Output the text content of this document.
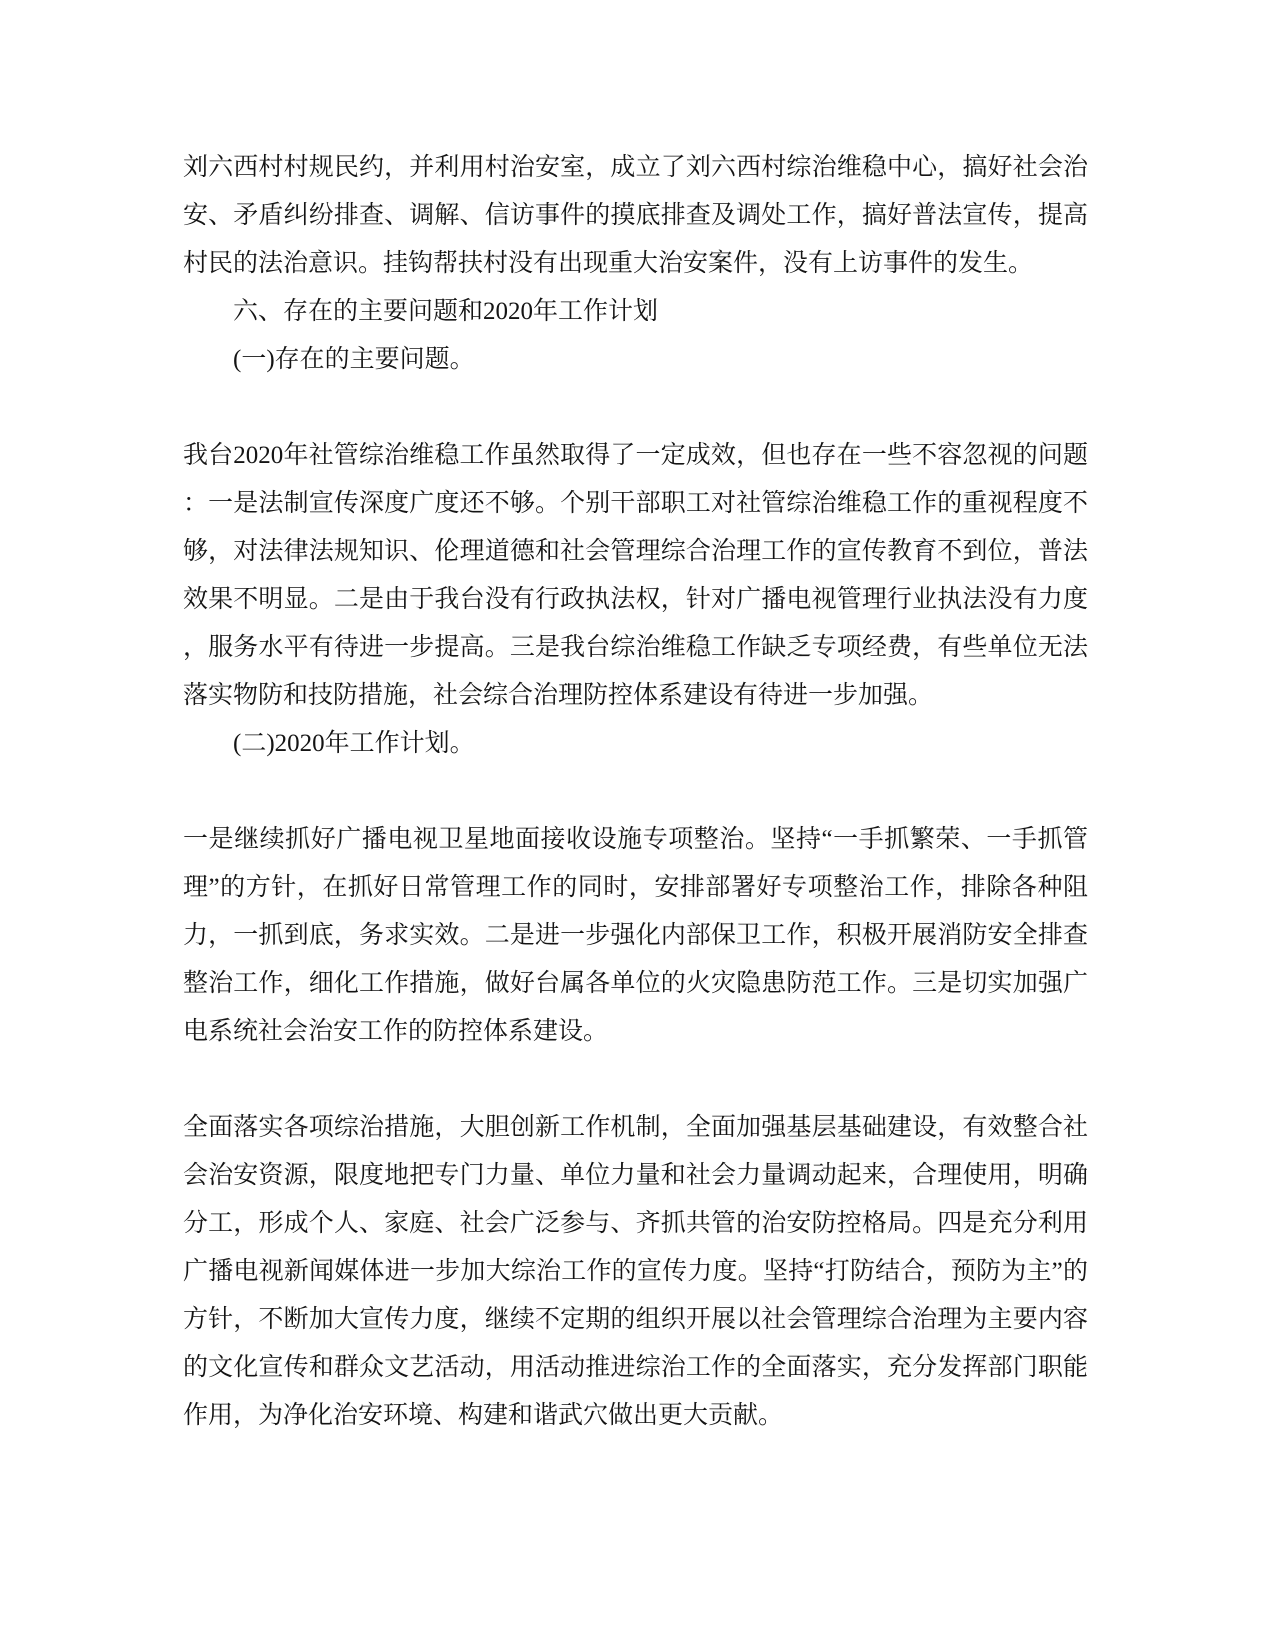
刘六西村村规民约，并利用村治安室，成立了刘六西村综治维稳中心，搞好社会治安、矛盾纠纷排查、调解、信访事件的摸底排查及调处工作，搞好普法宣传，提高村民的法治意识。挂钩帮扶村没有出现重大治安案件，没有上访事件的发生。

六、存在的主要问题和2020年工作计划

(一)存在的主要问题。

我台2020年社管综治维稳工作虽然取得了一定成效，但也存在一些不容忽视的问题：一是法制宣传深度广度还不够。个别干部职工对社管综治维稳工作的重视程度不够，对法律法规知识、伦理道德和社会管理综合治理工作的宣传教育不到位，普法效果不明显。二是由于我台没有行政执法权，针对广播电视管理行业执法没有力度，服务水平有待进一步提高。三是我台综治维稳工作缺乏专项经费，有些单位无法落实物防和技防措施，社会综合治理防控体系建设有待进一步加强。

(二)2020年工作计划。

一是继续抓好广播电视卫星地面接收设施专项整治。坚持“一手抓繁荣、一手抓管理”的方针，在抓好日常管理工作的同时，安排部署好专项整治工作，排除各种阻力，一抓到底，务求实效。二是进一步强化内部保卫工作，积极开展消防安全排查整治工作，细化工作措施，做好台属各单位的火灾隐患防范工作。三是切实加强广电系统社会治安工作的防控体系建设。

全面落实各项综治措施，大胆创新工作机制，全面加强基层基础建设，有效整合社会治安资源，限度地把专门力量、单位力量和社会力量调动起来，合理使用，明确分工，形成个人、家庭、社会广泛参与、齐抓共管的治安防控格局。四是充分利用广播电视新闻媒体进一步加大综治工作的宣传力度。坚持“打防结合，预防为主”的方针，不断加大宣传力度，继续不定期的组织开展以社会管理综合治理为主要内容的文化宣传和群众文艺活动，用活动推进综治工作的全面落实，充分发挥部门职能作用，为净化治安环境、构建和谐武穴做出更大贡献。
